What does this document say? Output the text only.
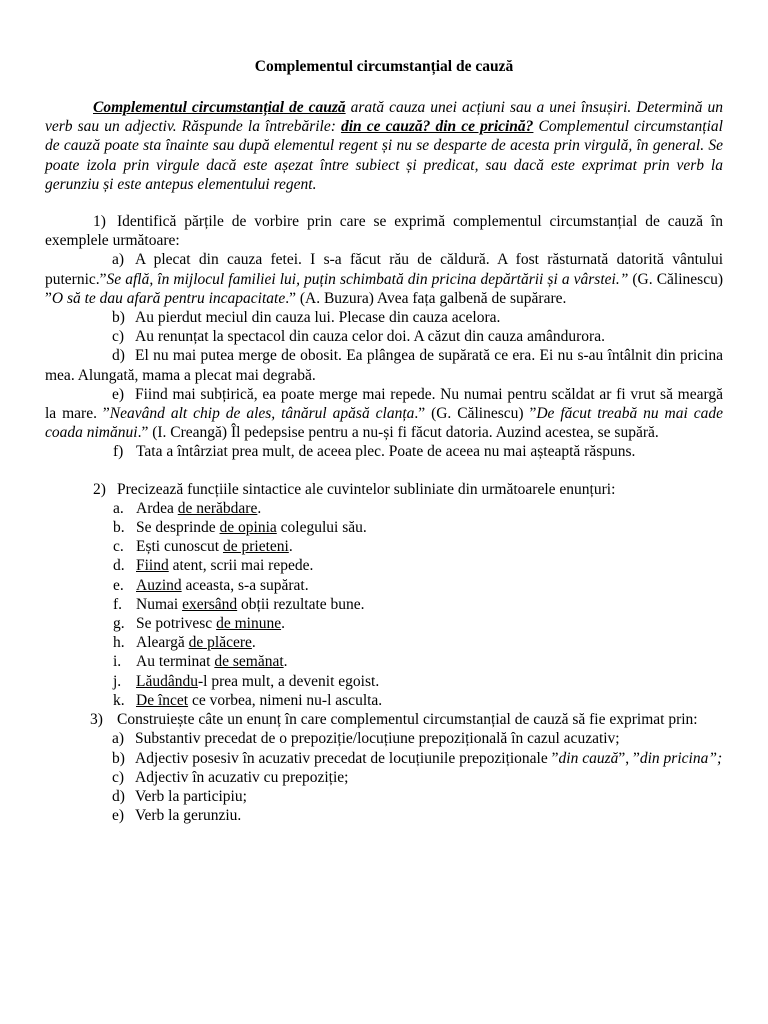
Complementul circumstanțial de cauză

Complementul circumstanțial de cauză arată cauza unei acțiuni sau a unei însușiri. Determină un verb sau un adjectiv. Răspunde la întrebările: din ce cauză? din ce pricină? Complementul circumstanțial de cauză poate sta înainte sau după elementul regent și nu se desparte de acesta prin virgulă, în general. Se poate izola prin virgule dacă este așezat între subiect și predicat, sau dacă este exprimat prin verb la gerunziu și este antepus elementului regent.

1) Identifică părțile de vorbire prin care se exprimă complementul circumstanțial de cauză în exemplele următoare:

a) A plecat din cauza fetei. I s-a făcut rău de căldură. A fost răsturnată datorită vântului puternic.”Se află, în mijlocul familiei lui, puțin schimbată din pricina depărtării și a vârstei.” (G. Călinescu) ”O să te dau afară pentru incapacitate.” (A. Buzura) Avea fața galbenă de supărare.

b) Au pierdut meciul din cauza lui. Plecase din cauza acelora.

c) Au renunțat la spectacol din cauza celor doi. A căzut din cauza amândurora.

d) El nu mai putea merge de obosit. Ea plângea de supărată ce era. Ei nu s-au întâlnit din pricina mea. Alungată, mama a plecat mai degrabă.

e) Fiind mai subțirică, ea poate merge mai repede. Nu numai pentru scăldat ar fi vrut să meargă la mare. ”Neavând alt chip de ales, tânărul apăsă clanța.” (G. Călinescu) ”De făcut treabă nu mai cade coada nimănui.” (I. Creangă) Îl pedepsise pentru a nu-și fi făcut datoria. Auzind acestea, se supără.

f) Tata a întârziat prea mult, de aceea plec. Poate de aceea nu mai așteaptă răspuns.

2) Precizează funcțiile sintactice ale cuvintelor subliniate din următoarele enunțuri:

a. Ardea de nerăbdare.
b. Se desprinde de opinia colegului său.
c. Ești cunoscut de prieteni.
d. Fiind atent, scrii mai repede.
e. Auzind aceasta, s-a supărat.
f. Numai exersând obții rezultate bune.
g. Se potrivesc de minune.
h. Aleargă de plăcere.
i. Au terminat de semănat.
j. Lăudându-l prea mult, a devenit egoist.
k. De încet ce vorbea, nimeni nu-l asculta.

3) Construiește câte un enunț în care complementul circumstanțial de cauză să fie exprimat prin:

a) Substantiv precedat de o prepoziție/locuțiune prepozițională în cazul acuzativ;

b) Adjectiv posesiv în acuzativ precedat de locuțiunile prepoziționale ”din cauză”, ”din pricina”;

c) Adjectiv în acuzativ cu prepoziție;

d) Verb la participiu;

e) Verb la gerunziu.
